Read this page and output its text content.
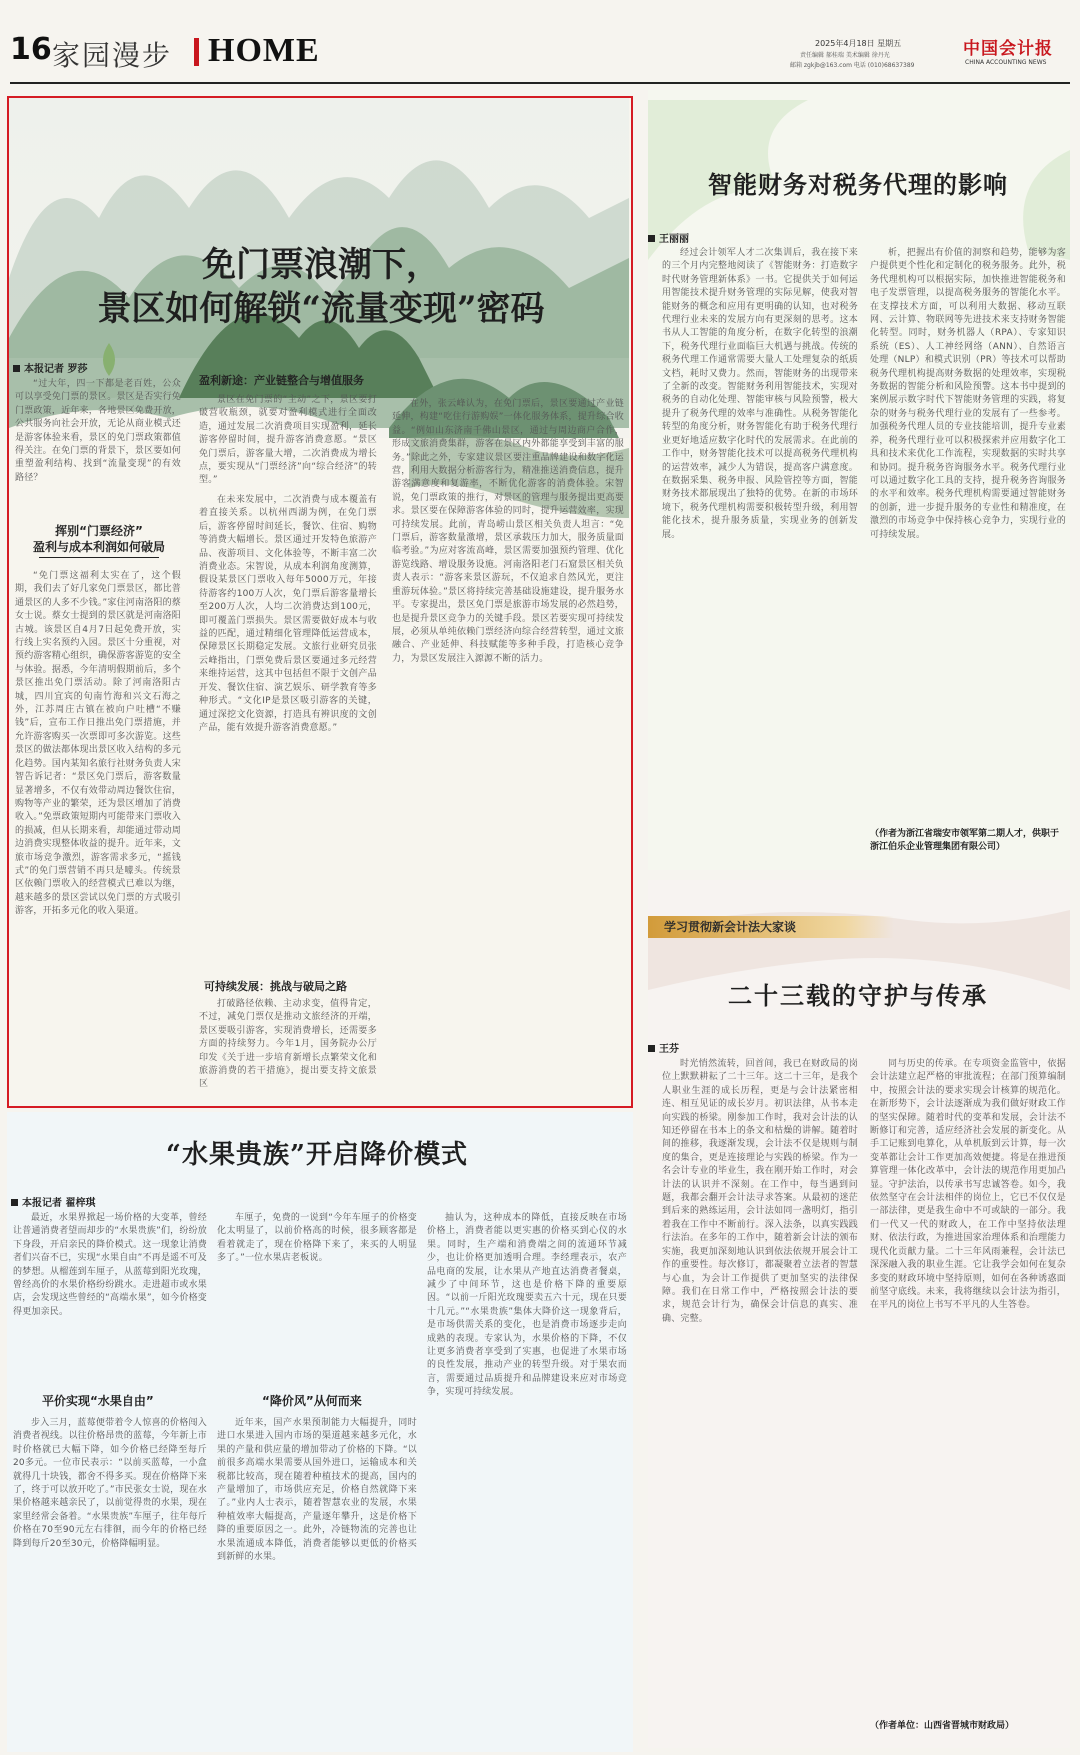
16 家园漫步 HOME	2025年4月18日 星期五
责任编辑 郝桂瑞 美术编辑 徐丹光
邮箱 zgkjb@163.com 电话 (010)68637389
中国会计报
CHINA ACCOUNTING NEWS
免门票浪潮下，
景区如何解锁“流量变现”密码
本报记者 罗莎
盈利新途：产业链整合与增值服务

“过大年，四一下都是老百姓，公众可以享受免门票的景区。景区是否实行免门票政策，近年来，各地景区免费开放，公共服务向社会开放，无论从商业模式还是游客体验来看，景区的免门票政策都值得关注。在免门票的背景下，景区要如何重塑盈利结构、找到“流量变现”的有效路径？

挥别“门票经济”
盈利与成本利润如何破局

“免门票这福利太实在了，这个假期，我们去了好几家免门票景区，都比普通景区的人多不少钱。”家住河南洛阳的蔡女士说。蔡女士提到的景区就是河南洛阳古城。该景区自4月7日起免费开放，实行线上实名预约入园。景区十分重视，对预约游客精心组织，确保游客游览的安全与体验。据悉，今年清明假期前后，多个景区推出免门票活动。除了河南洛阳古城，四川宜宾的旬南竹海和兴文石海之外，江苏周庄古镇在被向户吐槽“不赚钱”后，宣布工作日推出免门票措施，并允许游客购买一次票即可多次游览。这些景区的做法都体现出景区收入结构的多元化趋势。国内某知名旅行社财务负责人宋智告诉记者：“景区免门票后，游客数量显著增多，不仅有效带动周边餐饮住宿，购物等产业的繁荣，还为景区增加了消费收入。”免票政策短期内可能带来门票收入的损减，但从长期来看，却能通过带动周边消费实现整体收益的提升。近年来，文旅市场竞争激烈，游客需求多元，“摇钱式”的免门票营销不再只是噱头。传统景区依赖门票收入的经营模式已难以为继，越来越多的景区尝试以免门票的方式吸引游客，开拓多元化的收入渠道。

景区在免门票的“主动”之下，景区要打破营收瓶颈，就要对盈利模式进行全面改造，通过发展二次消费项目实现盈利，延长游客停留时间，提升游客消费意愿。“景区免门票后，游客量大增，二次消费成为增长点，要实现从“门票经济”向“综合经济”的转型。”

在未来发展中，二次消费与成本覆盖有着直接关系。以杭州西湖为例，在免门票后，游客停留时间延长，餐饮、住宿、购物等消费大幅增长。景区通过开发特色旅游产品、夜游项目、文化体验等，不断丰富二次消费业态。宋智说，从成本利润角度测算，假设某景区门票收入每年5000万元，年接待游客约100万人次，免门票后游客量增长至200万人次，人均二次消费达到100元，即可覆盖门票损失。景区需要做好成本与收益的匹配，通过精细化管理降低运营成本，保障景区长期稳定发展。文旅行业研究员张云峰指出，门票免费后景区要通过多元经营来维持运营，这其中包括但不限于文创产品开发、餐饮住宿、演艺娱乐、研学教育等多种形式。“文化IP是景区吸引游客的关键，通过深挖文化资源，打造具有辨识度的文创产品，能有效提升游客消费意愿。”

可持续发展：挑战与破局之路

打破路径依赖、主动求变，值得肯定，不过，减免门票仅是推动文旅经济的开端，景区要吸引游客，实现消费增长，还需要多方面的持续努力。今年1月，国务院办公厅印发《关于进一步培育新增长点繁荣文化和旅游消费的若干措施》，提出要支持文旅景区

在外，张云峰认为，在免门票后，景区要通过产业链延伸，构建“吃住行游购娱”一体化服务体系，提升综合收益。“例如山东济南千佛山景区，通过与周边商户合作，形成文旅消费集群，游客在景区内外都能享受到丰富的服务。”除此之外，专家建议景区要注重品牌建设和数字化运营，利用大数据分析游客行为，精准推送消费信息，提升游客满意度和复游率，不断优化游客的消费体验。宋智说，免门票政策的推行，对景区的管理与服务提出更高要求。景区要在保障游客体验的同时，提升运营效率，实现可持续发展。此前，青岛崂山景区相关负责人坦言：“免门票后，游客数量激增，景区承载压力加大，服务质量面临考验。”为应对客流高峰，景区需要加强预约管理、优化游览线路、增设服务设施。河南洛阳老门石窟景区相关负责人表示：“游客来景区游玩，不仅追求自然风光，更注重游玩体验。”景区将持续完善基础设施建设，提升服务水平。专家提出，景区免门票是旅游市场发展的必然趋势，也是提升景区竞争力的关键手段。景区若要实现可持续发展，必须从单纯依赖门票经济向综合经营转型，通过文旅融合、产业延伸、科技赋能等多种手段，打造核心竞争力，为景区发展注入源源不断的活力。

智能财务对税务代理的影响
王丽丽

经过会计领军人才二次集训后，我在接下来的三个月内完整地阅读了《智能财务：打造数字时代财务管理新体系》一书。它提供关于如何运用智能技术提升财务管理的实际见解，使我对智能财务的概念和应用有更明确的认知，也对税务代理行业未来的发展方向有更深刻的思考。这本书从人工智能的角度分析，在数字化转型的浪潮下，税务代理行业面临巨大机遇与挑战。传统的税务代理工作通常需要大量人工处理复杂的纸质文档，耗时又费力。然而，智能财务的出现带来了全新的改变。智能财务利用智能技术，实现对税务的自动化处理、智能审核与风险预警，极大提升了税务代理的效率与准确性。从税务智能化转型的角度分析，财务智能化有助于税务代理行业更好地适应数字化时代的发展需求。在此前的工作中，财务智能化技术可以提高税务代理机构的运营效率，减少人为错误，提高客户满意度。在数据采集、税务申报、风险管控等方面，智能财务技术都展现出了独特的优势。在新的市场环境下，税务代理机构需要积极转型升级，利用智能化技术，提升服务质量，实现业务的创新发展。

析，把握出有价值的洞察和趋势，能够为客户提供更个性化和定制化的税务服务。此外，税务代理机构可以根据实际，加快推进智能税务和电子发票管理，以提高税务服务的智能化水平。在支撑技术方面，可以利用大数据、移动互联网、云计算、物联网等先进技术来支持财务智能化转型。同时，财务机器人（RPA）、专家知识系统（ES）、人工神经网络（ANN）、自然语言处理（NLP）和模式识别（PR）等技术可以帮助税务代理机构提高财务数据的处理效率，实现税务数据的智能分析和风险预警。这本书中提到的案例展示数字时代下智能财务管理的实践，将复杂的财务与税务代理行业的发展有了一些参考。加强税务代理人员的专业技能培训，提升专业素养，税务代理行业可以积极探索并应用数字化工具和技术来优化工作流程，实现数据的实时共享和协同。提升税务咨询服务水平。税务代理行业可以通过数字化工具的支持，提升税务咨询服务的水平和效率。税务代理机构需要通过智能财务的创新，进一步提升服务的专业性和精准度，在激烈的市场竞争中保持核心竞争力，实现行业的可持续发展。

（作者为浙江省瑞安市领军第二期人才，供职于浙江伯乐企业管理集团有限公司）
学习贯彻新会计法大家谈
二十三载的守护与传承
王芬

时光悄然流转，回首间，我已在财政局的岗位上默默耕耘了二十三年。这二十三年，是我个人职业生涯的成长历程，更是与会计法紧密相连、相互见证的成长岁月。初识法律，从书本走向实践的桥梁。刚参加工作时，我对会计法的认知还停留在书本上的条文和枯燥的讲解。随着时间的推移，我逐渐发现，会计法不仅是规则与制度的集合，更是连接理论与实践的桥梁。作为一名会计专业的毕业生，我在刚开始工作时，对会计法的认识并不深刻。在工作中，每当遇到问题，我都会翻开会计法寻求答案。从最初的迷茫到后来的熟练运用，会计法如同一盏明灯，指引着我在工作中不断前行。深入法条，以真实践践行法治。在多年的工作中，随着新会计法的颁布实施，我更加深刻地认识到依法依规开展会计工作的重要性。每次修订，都凝聚着立法者的智慧与心血，为会计工作提供了更加坚实的法律保障。我们在日常工作中，严格按照会计法的要求，规范会计行为，确保会计信息的真实、准确、完整。

同与历史的传承。在专项资金监管中，依据会计法建立起严格的审批流程；在部门预算编制中，按照会计法的要求实现会计核算的规范化。在新形势下，会计法逐渐成为我们做好财政工作的坚实保障。随着时代的变革和发展，会计法不断修订和完善，适应经济社会发展的新变化。从手工记账到电算化，从单机版到云计算，每一次变革都让会计工作更加高效便捷。将是在推进预算管理一体化改革中，会计法的规范作用更加凸显。守护法治，以传承书写忠诚答卷。如今，我依然坚守在会计法相伴的岗位上，它已不仅仅是一部法律，更是我生命中不可或缺的一部分。我们一代又一代的财政人，在工作中坚持依法理财、依法行政，为推进国家治理体系和治理能力现代化贡献力量。二十三年风雨兼程，会计法已深深融入我的职业生涯。它让我学会如何在复杂多变的财政环境中坚持原则，如何在各种诱惑面前坚守底线。未来，我将继续以会计法为指引，在平凡的岗位上书写不平凡的人生答卷。

（作者单位：山西省晋城市财政局）
“水果贵族”开启降价模式
本报记者 翟梓琪

最近，水果界掀起一场价格的大变革，曾经让普通消费者望而却步的“水果贵族”们，纷纷放下身段，开启亲民的降价模式。这一现象让消费者们兴奋不已，实现“水果自由”不再是遥不可及的梦想。从榴莲到车厘子，从蓝莓到阳光玫瑰，曾经高价的水果价格纷纷跳水。走进超市或水果店，会发现这些曾经的“高端水果”，如今价格变得更加亲民。

平价实现“水果自由”

步入三月，蓝莓便带着令人惊喜的价格闯入消费者视线。以往价格昂贵的蓝莓，今年新上市时价格就已大幅下降，如今价格已经降至每斤20多元。一位市民表示：“以前买蓝莓，一小盒就得几十块钱，都舍不得多买。现在价格降下来了，终于可以放开吃了。”市民张女士说，现在水果价格越来越亲民了，以前觉得贵的水果，现在家里经常会备着。“水果贵族”车厘子，往年每斤价格在70至90元左右徘徊，而今年的价格已经降到每斤20至30元，价格降幅明显。

车厘子，免费的一说到“今年车厘子的价格变化太明显了，以前价格高的时候，很多顾客都是看着就走了，现在价格降下来了，来买的人明显多了。”一位水果店老板说。

“降价风”从何而来

近年来，国产水果预制能力大幅提升，同时进口水果进入国内市场的渠道越来越多元化，水果的产量和供应量的增加带动了价格的下降。“以前很多高端水果需要从国外进口，运输成本和关税都比较高，现在随着种植技术的提高，国内的产量增加了，市场供应充足，价格自然就降下来了。”业内人士表示，随着智慧农业的发展，水果种植效率大幅提高，产量逐年攀升，这是价格下降的重要原因之一。此外，冷链物流的完善也让水果流通成本降低，消费者能够以更低的价格买到新鲜的水果。

抽认为，这种成本的降低，直接反映在市场价格上，消费者能以更实惠的价格买到心仪的水果。同时，生产端和消费端之间的流通环节减少，也让价格更加透明合理。李经理表示，农产品电商的发展，让水果从产地直达消费者餐桌，减少了中间环节，这也是价格下降的重要原因。“以前一斤阳光玫瑰要卖五六十元，现在只要十几元。”“水果贵族”集体大降价这一现象背后，是市场供需关系的变化，也是消费市场逐步走向成熟的表现。专家认为，水果价格的下降，不仅让更多消费者享受到了实惠，也促进了水果市场的良性发展，推动产业的转型升级。对于果农而言，需要通过品质提升和品牌建设来应对市场竞争，实现可持续发展。
